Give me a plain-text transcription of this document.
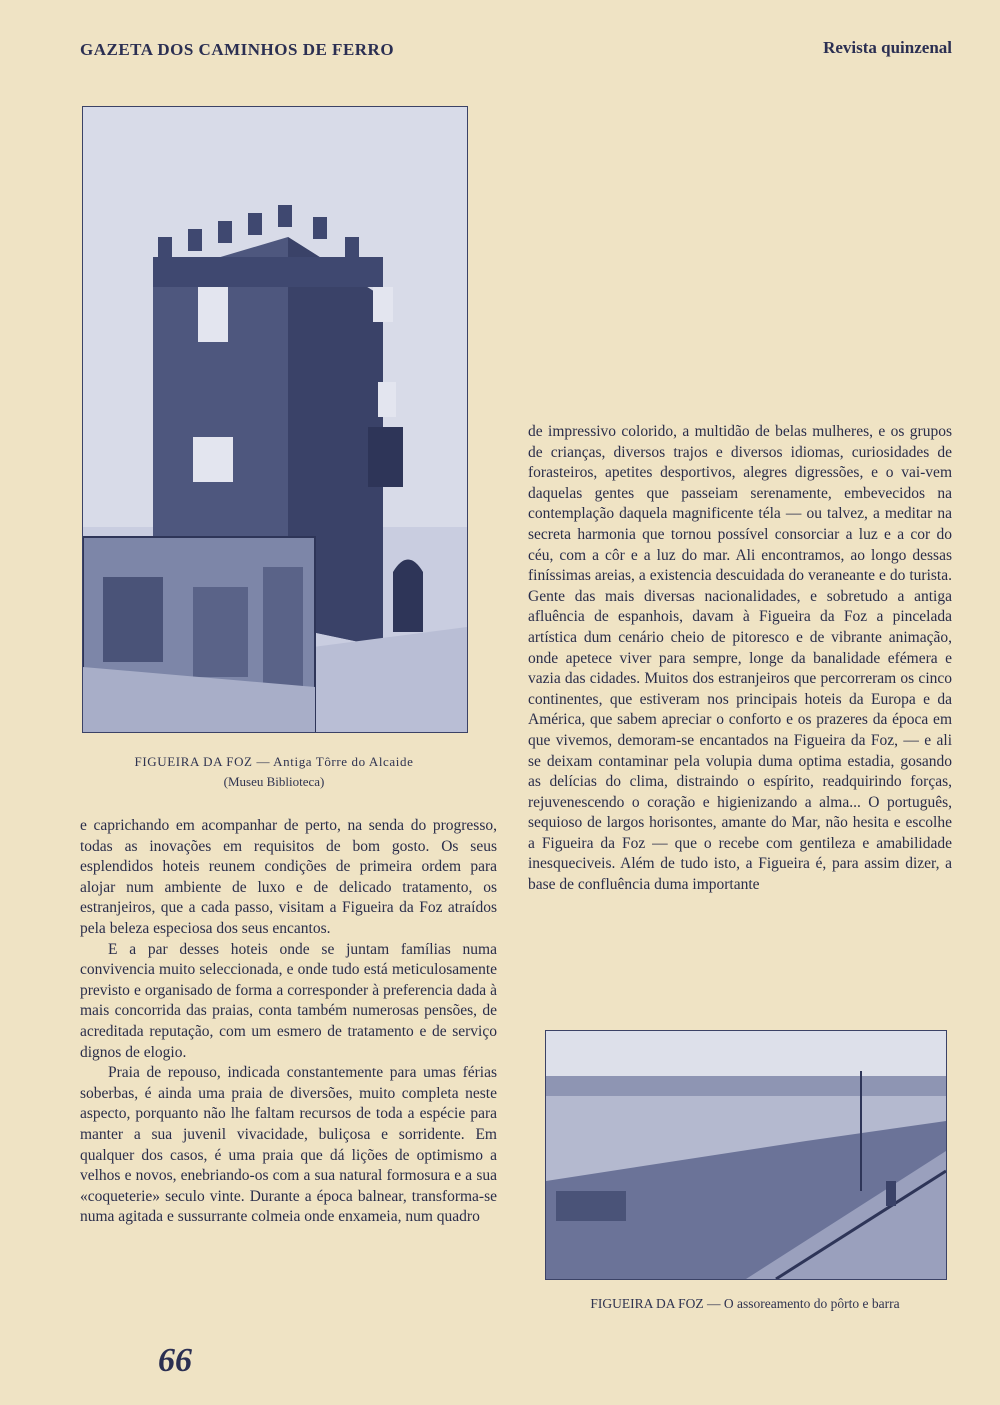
GAZETA DOS CAMINHOS DE FERRO	Revista quinzenal
FIGUEIRA DA FOZ — Antiga Tôrre do Alcaide
(Museu Biblioteca)

e caprichando em acompanhar de perto, na senda do progresso, todas as inovações em requisitos de bom gosto. Os seus esplendidos hoteis reunem condições de primeira ordem para alojar num ambiente de luxo e de delicado tratamento, os estranjeiros, que a cada passo, visitam a Figueira da Foz atraídos pela beleza especiosa dos seus encantos.

E a par desses hoteis onde se juntam famílias numa convivencia muito seleccionada, e onde tudo está meticulosamente previsto e organisado de forma a corresponder à preferencia dada à mais concorrida das praias, conta também numerosas pensões, de acreditada reputação, com um esmero de tratamento e de serviço dignos de elogio.

Praia de repouso, indicada constantemente para umas férias soberbas, é ainda uma praia de diversões, muito completa neste aspecto, porquanto não lhe faltam recursos de toda a espécie para manter a sua juvenil vivacidade, buliçosa e sorridente. Em qualquer dos casos, é uma praia que dá lições de optimismo a velhos e novos, enebriando-os com a sua natural formosura e a sua «coqueterie» seculo vinte. Durante a época balnear, transforma-se numa agitada e sussurrante colmeia onde enxameia, num quadro

de impressivo colorido, a multidão de belas mulheres, e os grupos de crianças, diversos trajos e diversos idiomas, curiosidades de forasteiros, apetites desportivos, alegres digressões, e o vai-vem daquelas gentes que passeiam serenamente, embevecidos na contemplação daquela magnificente téla — ou talvez, a meditar na secreta harmonia que tornou possível consorciar a luz e a cor do céu, com a côr e a luz do mar. Ali encontramos, ao longo dessas finíssimas areias, a existencia descuidada do veraneante e do turista. Gente das mais diversas nacionalidades, e sobretudo a antiga afluência de espanhois, davam à Figueira da Foz a pincelada artística dum cenário cheio de pitoresco e de vibrante animação, onde apetece viver para sempre, longe da banalidade efémera e vazia das cidades. Muitos dos estranjeiros que percorreram os cinco continentes, que estiveram nos principais hoteis da Europa e da América, que sabem apreciar o conforto e os prazeres da época em que vivemos, demoram-se encantados na Figueira da Foz, — e ali se deixam contaminar pela volupia duma optima estadia, gosando as delícias do clima, distraindo o espírito, readquirindo forças, rejuvenescendo o coração e higienizando a alma... O português, sequioso de largos horisontes, amante do Mar, não hesita e escolhe a Figueira da Foz — que o recebe com gentileza e amabilidade inesqueciveis. Além de tudo isto, a Figueira é, para assim dizer, a base de confluência duma importante

FIGUEIRA DA FOZ — O assoreamento do pôrto e barra
66
